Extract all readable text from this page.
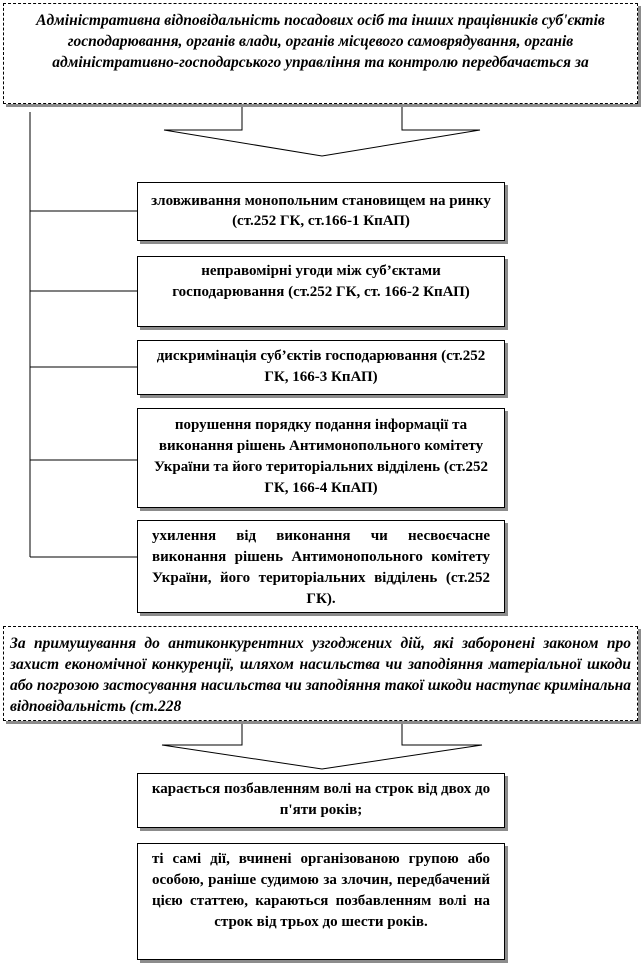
Адміністративна відповідальність посадових осіб та інших працівників суб'єктів господарювання, органів влади, органів місцевого самоврядування, органів адміністративно-господарського управління та контролю передбачається за
зловживання монопольним становищем на ринку (ст.252 ГК, ст.166-1 КпАП)
неправомірні угоди між суб’єктами господарювання (ст.252 ГК, ст. 166-2 КпАП)
дискримінація суб’єктів господарювання (ст.252 ГК, 166-3 КпАП)
порушення порядку подання інформації та виконання рішень Антимонопольного комітету України та його територіальних відділень (ст.252 ГК, 166-4 КпАП)
ухилення від виконання чи несвоєчасне виконання рішень Антимонопольного комітету України, його територіальних відділень (ст.252 ГК).
За примушування до антиконкурентних узгоджених дій, які заборонені законом про захист економічної конкуренції, шляхом насильства чи заподіяння матеріальної шкоди або погрозою застосування насильства чи заподіяння такої шкоди наступає кримінальна відповідальність (ст.228
карається позбавленням волі на строк від двох до п'яти років;
ті самі дії, вчинені організованою групою або особою, раніше судимою за злочин, передбачений цією статтею, караються позбавленням волі на строк від трьох до шести років.
